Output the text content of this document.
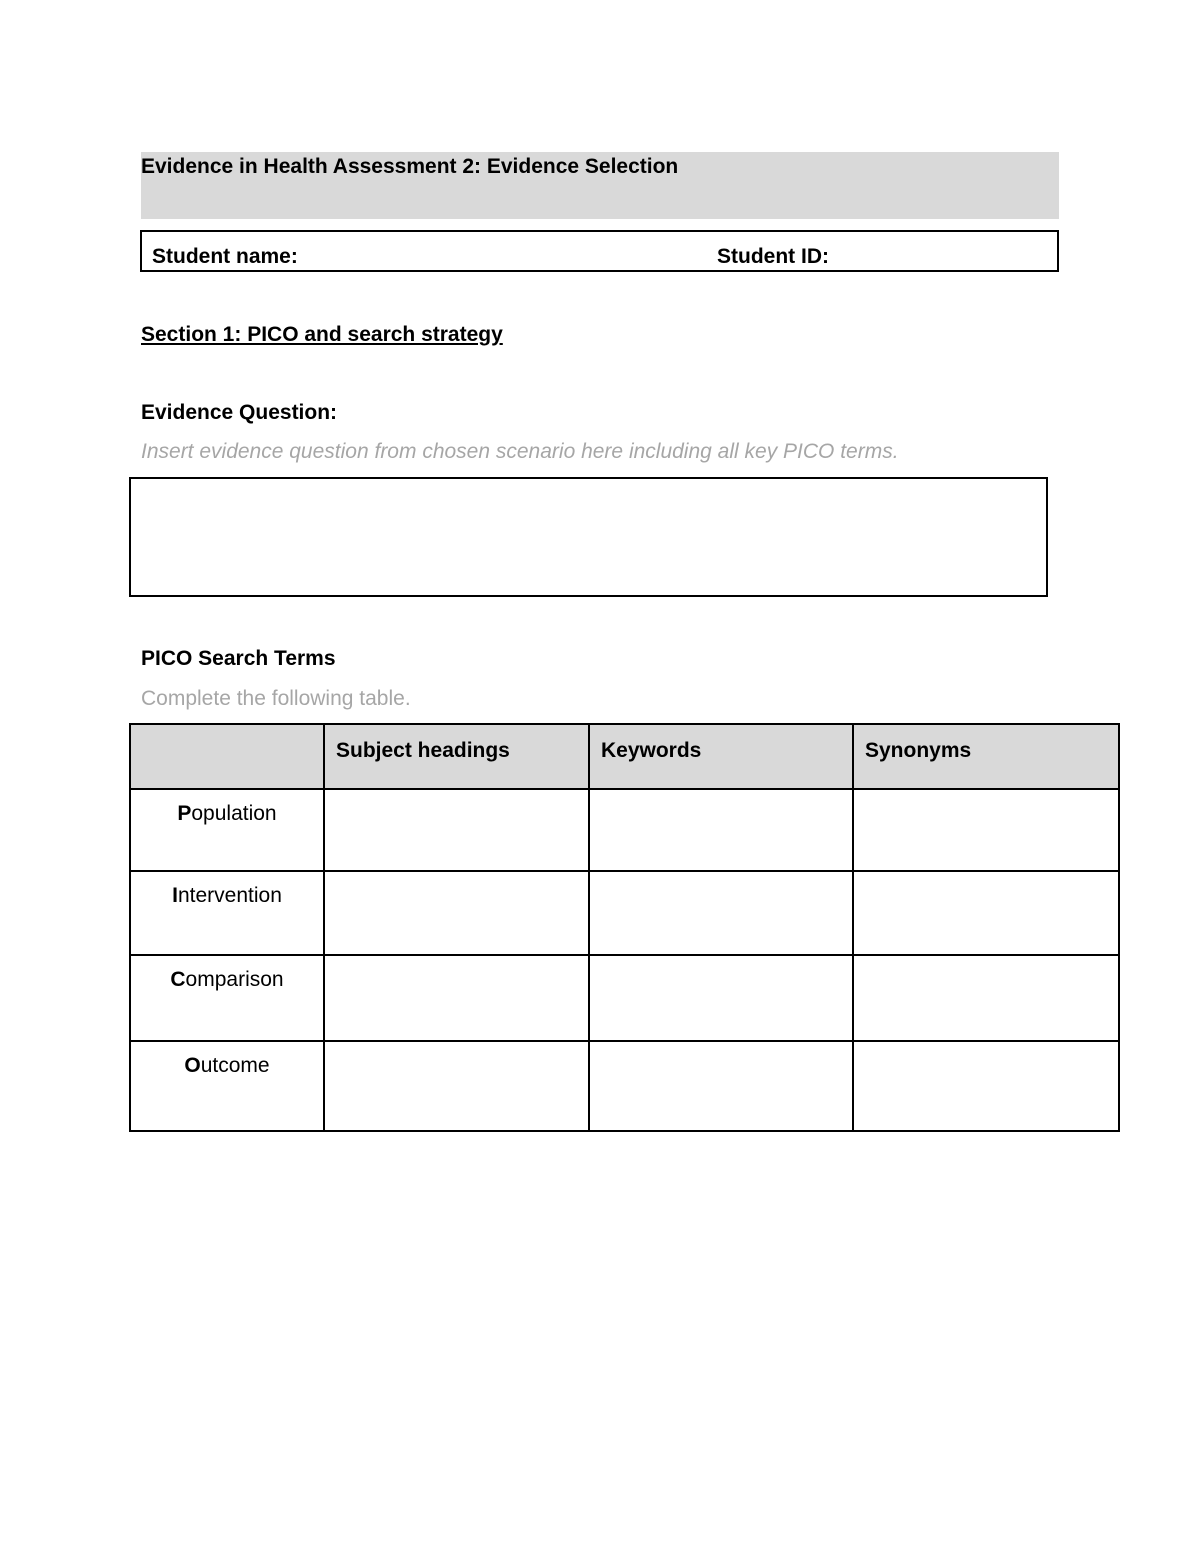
Evidence in Health Assessment 2: Evidence Selection
Student name:	Student ID:
Section 1: PICO and search strategy
Evidence Question:
Insert evidence question from chosen scenario here including all key PICO terms.
PICO Search Terms
Complete the following table.

	Subject headings	Keywords	Synonyms

Population			

Intervention			

Comparison			

Outcome			
